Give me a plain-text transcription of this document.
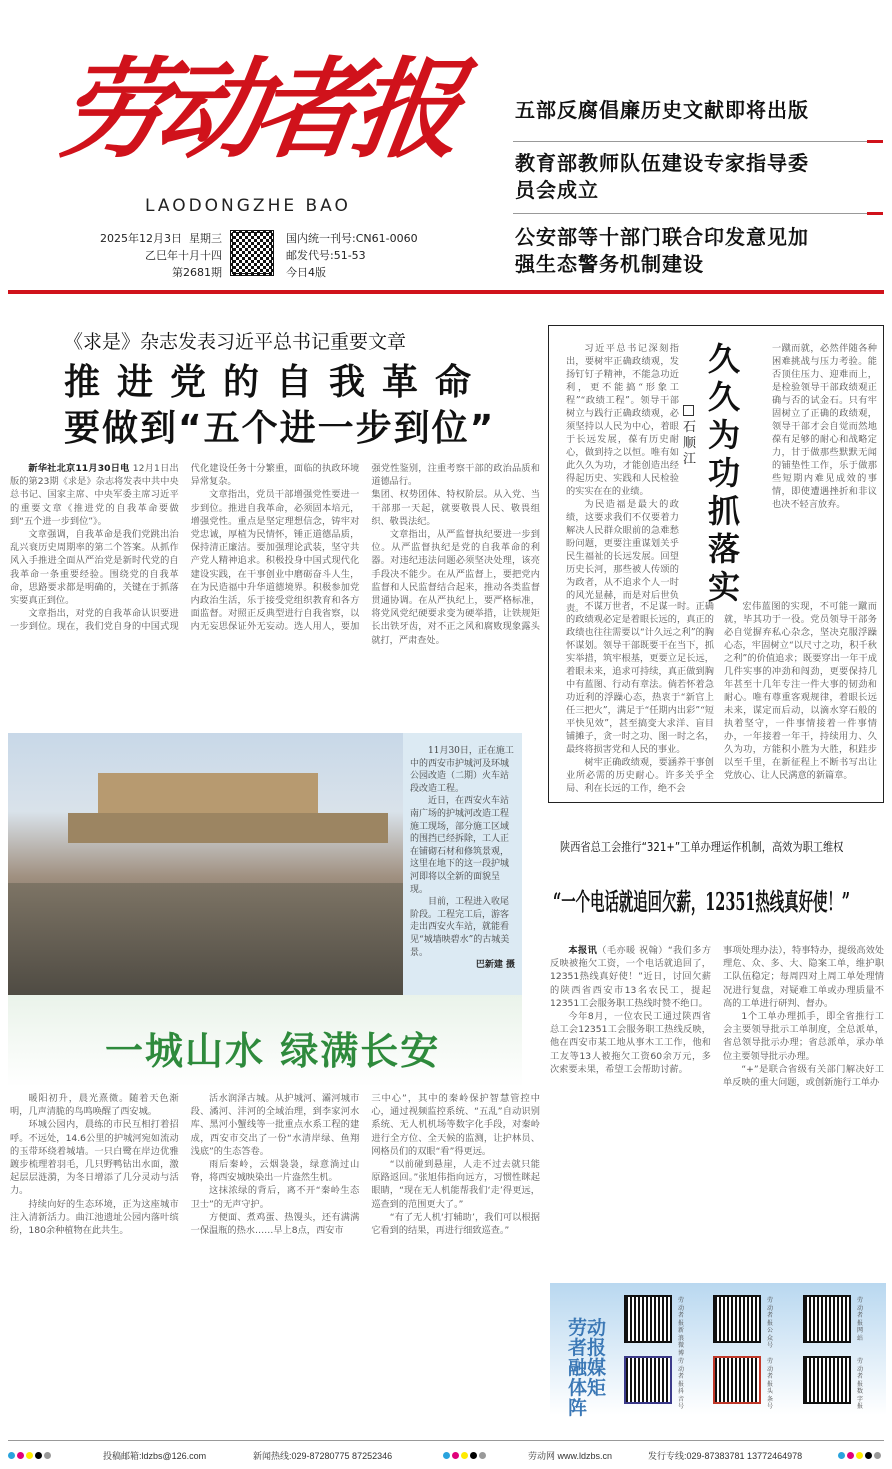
劳动者报
LAODONGZHE BAO
2025年12月3日 星期三
乙巳年十月十四
第2681期
国内统一刊号:CN61-0060
邮发代号:51-53
今日4版
五部反腐倡廉历史文献即将出版
教育部教师队伍建设专家指导委员会成立
公安部等十部门联合印发意见加强生态警务机制建设
《求是》杂志发表习近平总书记重要文章
推进党的自我革命
要做到“五个进一步到位”

新华社北京11月30日电 12月1日出版的第23期《求是》杂志将发表中共中央总书记、国家主席、中央军委主席习近平的重要文章《推进党的自我革命要做到“五个进一步到位”》。

文章强调，自我革命是我们党跳出治乱兴衰历史周期率的第二个答案。从抓作风入手推进全面从严治党是新时代党的自我革命一条重要经验。围绕党的自我革命，思路要求都是明确的，关键在于抓落实要真正到位。

文章指出，对党的自我革命认识要进一步到位。现在，我们党自身的中国式现代化建设任务十分繁重，面临的执政环境异常复杂。

文章指出，党员干部增强党性要进一步到位。推进自我革命，必须固本培元，增强党性。重点是坚定理想信念，铸牢对党忠诚，厚植为民情怀，锤正道德品质，保持清正廉洁。要加强理论武装，坚守共产党人精神追求。积极投身中国式现代化建设实践，在干事创业中磨砺奋斗人生，在为民造福中升华道德境界。积极参加党内政治生活，乐于接受党组织教育和各方面监督。对照正反典型进行自我省察，以内无妄思保证外无妄动。选人用人，要加强党性鉴别，注重考察干部的政治品质和道德品行。

集团、权势团体、特权阶层。从入党、当干部那一天起，就要敬畏人民、敬畏组织、敬畏法纪。

文章指出，从严监督执纪要进一步到位。从严监督执纪是党的自我革命的利器。对违纪违法问题必须坚决处理，该亮手段决不能少。在从严监督上，要把党内监督和人民监督结合起来，推动各类监督贯通协调。在从严执纪上，要严格标准，将党风党纪硬要求变为硬举措，让铁规矩长出铁牙齿，对不正之风和腐败现象露头就打，严肃查处。

习近平总书记深刻指出，要树牢正确政绩观，发扬钉钉子精神，不能急功近利，更不能搞“形象工程”“政绩工程”。领导干部树立与践行正确政绩观，必须坚持以人民为中心，着眼于长远发展，葆有历史耐心，做到持之以恒。唯有如此久久为功，才能创造出经得起历史、实践和人民检验的实实在在的业绩。

为民造福是最大的政绩，这要求我们不仅要着力解决人民群众眼前的急难愁盼问题，更要注重谋划关乎民生福祉的长远发展。回望历史长河，那些被人传颂的为政者，从不追求个人一时的风光显赫，而是对后世负责。

石顺江
久久为功抓落实

一蹴而就，必然伴随各种困难挑战与压力考验。能否顶住压力、迎难而上，是检验领导干部政绩观正确与否的试金石。只有牢固树立了正确的政绩观，领导干部才会自觉而然地葆有足够的耐心和战略定力，甘于做那些默默无闻的铺垫性工作，乐于做那些短期内难见成效的事情，即使遭遇挫折和非议也决不轻言放弃。

不谋万世者，不足谋一时。正确的政绩观必定是着眼长远的，真正的政绩也往往需要以“计久远之利”的胸怀谋划。领导干部既要干在当下，抓实举措，筑牢根基，更要立足长远，着眼未来，追求可持续，真正做到胸中有蓝图、行动有章法。倘若怀着急功近利的浮躁心态，热衷于“新官上任三把火”，满足于“任期内出彩”“短平快见效”，甚至搞变大求洋、盲目铺摊子，贪一时之功、图一时之名，最终将损害党和人民的事业。

树牢正确政绩观，要涵养干事创业所必需的历史耐心。许多关乎全局、利在长远的工作，绝不会

宏伟蓝图的实现，不可能一蹴而就，毕其功于一役。党员领导干部务必自觉摒弃私心杂念，坚决克服浮躁心态，牢固树立“以尺寸之功，积千秋之利”的价值追求；既要穿出一年干成几件实事的冲劲和闯劲，更要保持几年甚至十几年专注一件大事的韧劲和耐心。唯有尊重客观规律，着眼长远未来，谋定而后动，以滴水穿石般的执着坚守，一件事情接着一件事情办，一年接着一年干，持续用力、久久为功，方能积小胜为大胜，积跬步以至千里，在新征程上不断书写出让党放心、让人民满意的新篇章。

11月30日，正在施工中的西安市护城河及环城公园改造（二期）火车站段改造工程。

近日，在西安火车站南广场的护城河改造工程施工现场，部分施工区域的围挡已经拆除，工人正在铺砌石材和修筑景观，这里在地下的这一段护城河即将以全新的面貌呈现。

目前，工程进入收尾阶段。工程完工后，游客走出西安火车站，就能看见“城墙映碧水”的古城美景。

巴新建 摄

一城山水 绿满长安

暖阳初升，晨光熹微。随着天色渐明，几声清脆的鸟鸣唤醒了西安城。

环城公园内，晨练的市民互相打着招呼。不远处，14.6公里的护城河宛如流动的玉带环绕着城墙。一只白鹭在岸边优雅踱步梳理着羽毛，几只野鸭钻出水面，激起层层涟漪，为冬日增添了几分灵动与活力。

持续向好的生态环境，正为这座城市注入清新活力。曲江池遗址公园内落叶缤纷，180余种植物在此共生。

活水润泽古城。从护城河、灞河城市段、潏河、沣河的全域治理，到李家河水库、黑河小蟹线等一批重点水系工程的建成，西安市交出了一份“水清岸绿、鱼翔浅底”的生态答卷。

雨后秦岭，云烟袅袅，绿意淌过山脊，将西安城映染出一片盎然生机。

这抹浓绿的背后，离不开“秦岭生态卫士”的无声守护。

方便面、煮鸡蛋、热馒头，还有满满一保温瓶的热水……早上8点，西安市

三中心”，其中的秦岭保护智慧管控中心，通过视频监控系统、“五乱”自动识别系统、无人机机场等数字化手段，对秦岭进行全方位、全天候的监测，让护林员、网格员们的双眼“看”得更远。

“以前碰到悬崖，人走不过去就只能原路返回。”张旭伟指向远方，习惯性眯起眼睛，“现在无人机能帮我们‘走’得更远，巡查到的范围更大了。”

“有了无人机‘打辅助’，我们可以根据它看到的结果，再进行细致巡查。”

陕西省总工会推行“321+”工单办理运作机制，高效为职工维权
“一个电话就追回欠薪，12351热线真好使！”

本报讯（毛亦暖 祝翰）“我们多方反映被拖欠工资，一个电话就追回了，12351热线真好使！”近日，讨回欠薪的陕西省西安市13名农民工，提起12351工会服务职工热线时赞不绝口。

今年8月，一位农民工通过陕西省总工会12351工会服务职工热线反映，他在西安市某工地从事木工工作，他和工友等13人被拖欠工资60余万元，多次索要未果，希望工会帮助讨薪。

事项处理办法），特事特办，提级高效处理危、众、多、大、隐案工单，维护职工队伍稳定；每周四对上周工单处理情况进行复盘，对疑难工单或办理质量不高的工单进行研判、督办。

1个工单办理抓手，即全省推行工会主要领导批示工单制度，全总派单，省总领导批示办理；省总派单，承办单位主要领导批示办理。

“+”是联合省级有关部门解决好工单反映的重大问题，或创新施行工单办

劳动者报融媒体矩阵
劳动者报新浪微博
劳动者报公众号
劳动者报网站
劳动者报抖音号
劳动者报头条号
劳动者报数字报
投稿邮箱:ldzbs@126.com	新闻热线:029-87280775 87252346	劳动网 www.ldzbs.cn	发行专线:029-87383781 13772464978
